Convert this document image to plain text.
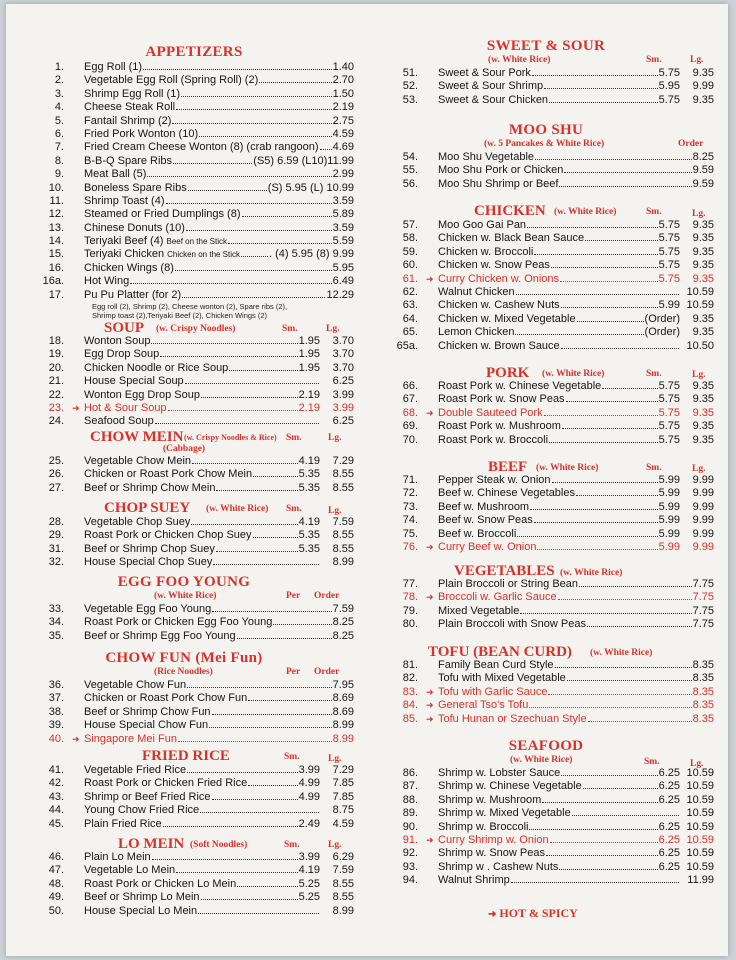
APPETIZERS
1.	Egg Roll (1)	1.40
2.	Vegetable Egg Roll (Spring Roll) (2)	2.70
3.	Shrimp Egg Roll (1)	1.50
4.	Cheese Steak Roll	2.19
5.	Fantail Shrimp (2)	2.75
6.	Fried Pork Wonton (10)	4.59
7.	Fried Cream Cheese Wonton (8) (crab rangoon) 4.69
8.	B-B-Q Spare Ribs	(S5) 6.59 (L10)11.99
9.	Meat Ball (5)	2.99
10.	Boneless Spare Ribs	(S) 5.95 (L) 10.99
11.	Shrimp Toast (4)	3.59
12.	Steamed or Fried Dumplings (8)	5.89
13.	Chinese Donuts (10)	3.59
14.	Teriyaki Beef (4) Beef on the Stick	5.59
15.	Teriyaki Chicken Chicken on the Stick	. (4) 5.95 (8) 9.99
16.	Chicken Wings (8)	5.95
16a.	Hot Wing	6.49
17.	Pu Pu Platter (for 2)	12.29
Egg roll (2), Shrimp (2), Cheese wonton (2), Spare ribs (2),
Shrimp toast (2),Teriyaki Beef (2), Chicken Wings (2)
SOUP (w. Crispy Noodles)	Sm.	Lg.
18.	Wonton Soup	1.95	3.70
19.	Egg Drop Soup	1.95	3.70
20.	Chicken Noodle or Rice Soup	1.95	3.70
21.	House Special Soup	6.25
22.	Wonton Egg Drop Soup	2.19	3.99
23. ➜ Hot & Sour Soup	2.19	3.99
24.	Seafood Soup	6.25
CHOW MEIN (w. Crispy Noodles & Rice) Sm.	Lg.
(Cabbage)
25.	Vegetable Chow Mein	4.19	7.29
26.	Chicken or Roast Pork Chow Mein	5.35	8.55
27.	Beef or Shrimp Chow Mein	5.35	8.55
CHOP SUEY (w. White Rice) Sm.	Lg.
28.	Vegetable Chop Suey	4.19	7.59
29.	Roast Pork or Chicken Chop Suey	5.35	8.55
31.	Beef or Shrimp Chop Suey	5.35	8.55
32.	House Special Chop Suey	8.99
EGG FOO YOUNG
(w. White Rice)	Per Order
33.	Vegetable Egg Foo Young	7.59
34.	Roast Pork or Chicken Egg Foo Young	8.25
35.	Beef or Shrimp Egg Foo Young	8.25
CHOW FUN (Mei Fun)
(Rice Noodles)	Per Order
36.	Vegetable Chow Fun	7.95
37.	Chicken or Roast Pork Chow Fun	8.69
38.	Beef or Shrimp Chow Fun	8.69
39.	House Special Chow Fun	8.99
40. ➜ Singapore Mei Fun	8.99
FRIED RICE	Sm.	Lg.
41.	Vegetable Fried Rice	3.99	7.29
42.	Roast Pork or Chicken Fried Rice	4.99	7.85
43.	Shrimp or Beef Fried Rice	4.99	7.85
44.	Young Chow Fried Rice	8.75
45.	Plain Fried Rice	2.49	4.59
LO MEIN (Soft Noodles)	Sm.	Lg.
46.	Plain Lo Mein	3.99	6.29
47.	Vegetable Lo Mein	4.19	7.59
48.	Roast Pork or Chicken Lo Mein	5.25	8.55
49.	Beef or Shrimp Lo Mein	5.25	8.55
50.	House Special Lo Mein	8.99
SWEET & SOUR
(w. White Rice)	Sm.	Lg.
51.	Sweet & Sour Pork	5.75	9.35
52.	Sweet & Sour Shrimp	5.95	9.99
53.	Sweet & Sour Chicken	5.75	9.35
MOO SHU
(w. 5 Pancakes & White Rice)	Order
54.	Moo Shu Vegetable	8.25
55.	Moo Shu Pork or Chicken	9.59
56.	Moo Shu Shrimp or Beef	9.59
CHICKEN (w. White Rice)	Sm.	Lg.
57.	Moo Goo Gai Pan	5.75	9.35
58.	Chicken w. Black Bean Sauce	5.75	9.35
59.	Chicken w. Broccoli	5.75	9.35
60.	Chicken w. Snow Peas	5.75	9.35
61. ➜ Curry Chicken w. Onions	5.75	9.35
62.	Walnut Chicken	10.59
63.	Chicken w. Cashew Nuts	5.99 10.59
64.	Chicken w. Mixed Vegetable	(Order)	9.35
65.	Lemon Chicken	(Order)	9.35
65a.	Chicken w. Brown Sauce	10.50
PORK (w. White Rice)	Sm.	Lg.
66.	Roast Pork w. Chinese Vegetable	5.75	9.35
67.	Roast Pork w. Snow Peas	5.75	9.35
68. ➜ Double Sauteed Pork	5.75	9.35
69.	Roast Pork w. Mushroom	5.75	9.35
70.	Roast Pork w. Broccoli	5.75	9.35
BEEF (w. White Rice)	Sm.	Lg.
71.	Pepper Steak w. Onion	5.99	9.99
72.	Beef w. Chinese Vegetables	5.99	9.99
73.	Beef w. Mushroom	5.99	9.99
74.	Beef w. Snow Peas	5.99	9.99
75.	Beef w. Broccoli	5.99	9.99
76. ➜ Curry Beef w. Onion	5.99	9.99
VEGETABLES (w. White Rice)
77.	Plain Broccoli or String Bean	7.75
78. ➜ Broccoli w. Garlic Sauce	7.75
79.	Mixed Vegetable	7.75
80.	Plain Broccoli with Snow Peas	7.75
TOFU (BEAN CURD) (w. White Rice)
81.	Family Bean Curd Style	8.35
82.	Tofu with Mixed Vegetable	8.35
83. ➜ Tofu with Garlic Sauce	8.35
84. ➜ General Tso's Tofu	8.35
85. ➜ Tofu Hunan or Szechuan Style	8.35
SEAFOOD
(w. White Rice)	Sm.	Lg.
86.	Shrimp w. Lobster Sauce	6.25 10.59
87.	Shrimp w. Chinese Vegetable	6.25 10.59
88.	Shrimp w. Mushroom	6.25 10.59
89.	Shrimp w. Mixed Vegetable	10.59
90.	Shrimp w. Broccoli	6.25 10.59
91. ➜ Curry Shrimp w. Onion	6.25 10.59
92.	Shrimp w. Snow Peas	6.25 10.59
93.	Shrimp w . Cashew Nuts	6.25 10.59
94.	Walnut Shrimp	11.99
➜ HOT & SPICY
